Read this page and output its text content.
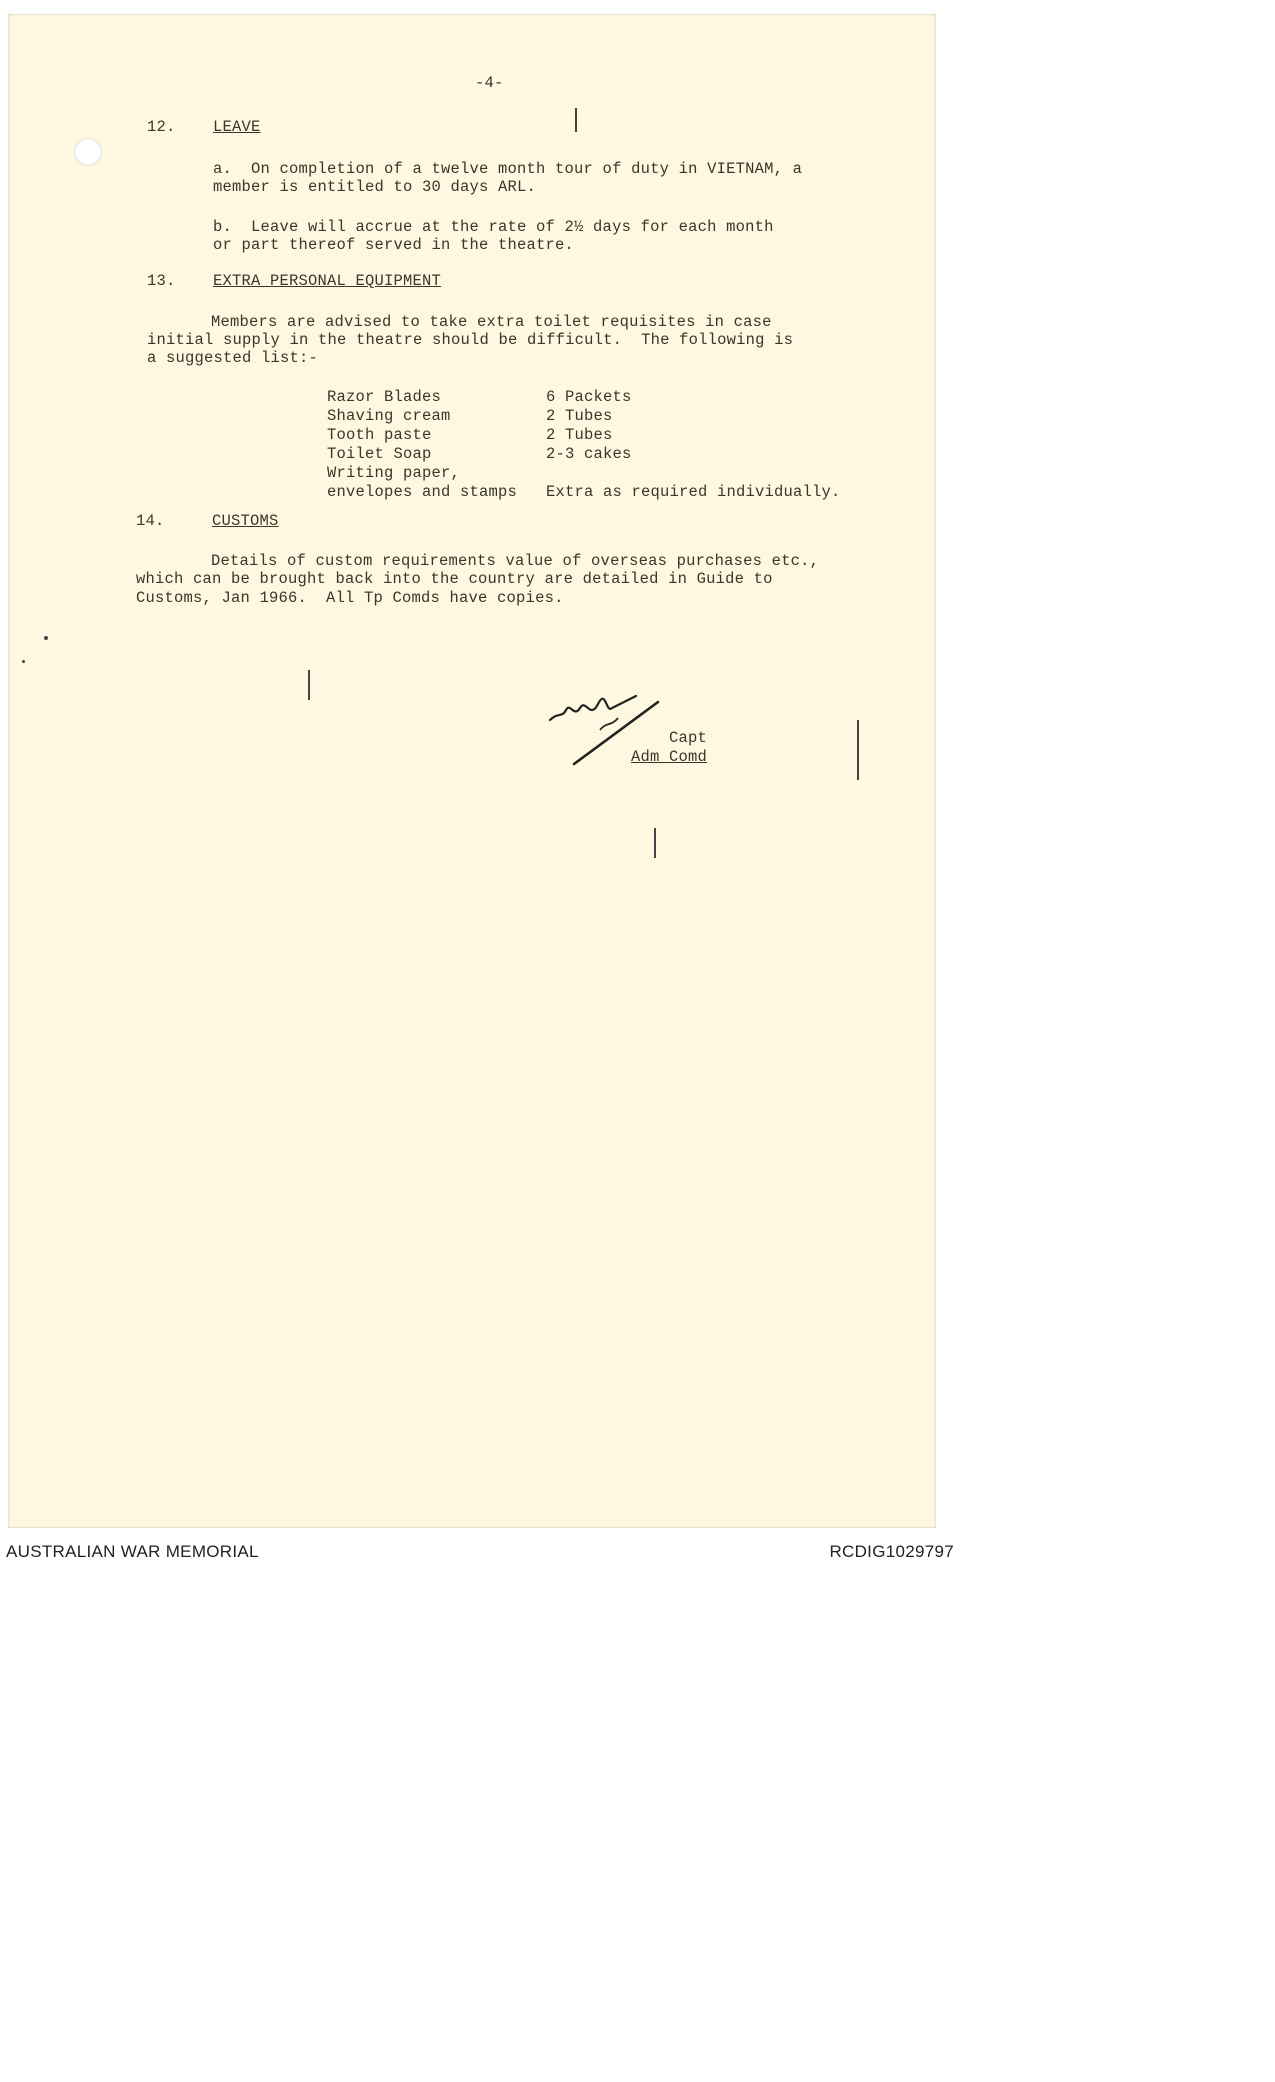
-4-
12. LEAVE
a.  On completion of a twelve month tour of duty in VIETNAM, a
member is entitled to 30 days ARL.
b.  Leave will accrue at the rate of 2½ days for each month
or part thereof served in the theatre.
13. EXTRA PERSONAL EQUIPMENT
Members are advised to take extra toilet requisites in case
initial supply in the theatre should be difficult.  The following is
a suggested list:-
Razor Blades	6 Packets
Shaving cream	2 Tubes
Tooth paste	2 Tubes
Toilet Soap	2-3 cakes
Writing paper,
envelopes and stamps Extra as required individually.
14.	CUSTOMS
Details of custom requirements value of overseas purchases etc.,
which can be brought back into the country are detailed in Guide to
Customs, Jan 1966.  All Tp Comds have copies.
Capt
Adm Comd
AUSTRALIAN WAR MEMORIAL	RCDIG1029797
